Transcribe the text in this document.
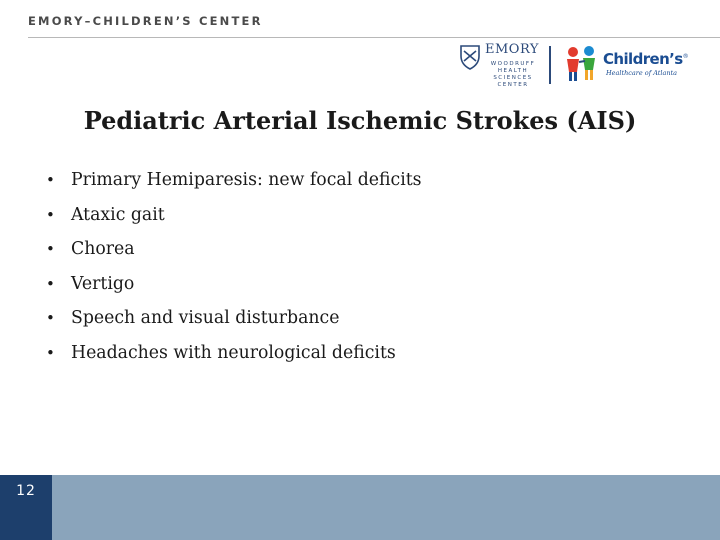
EMORY–CHILDREN’S CENTER
EMORY
WOODRUFF
HEALTH
SCIENCES
CENTER
Children’s®
Healthcare of Atlanta
Pediatric Arterial Ischemic Strokes (AIS)
• Primary Hemiparesis: new focal deficits
• Ataxic gait
• Chorea
• Vertigo
• Speech and visual disturbance
• Headaches with neurological deficits
12
